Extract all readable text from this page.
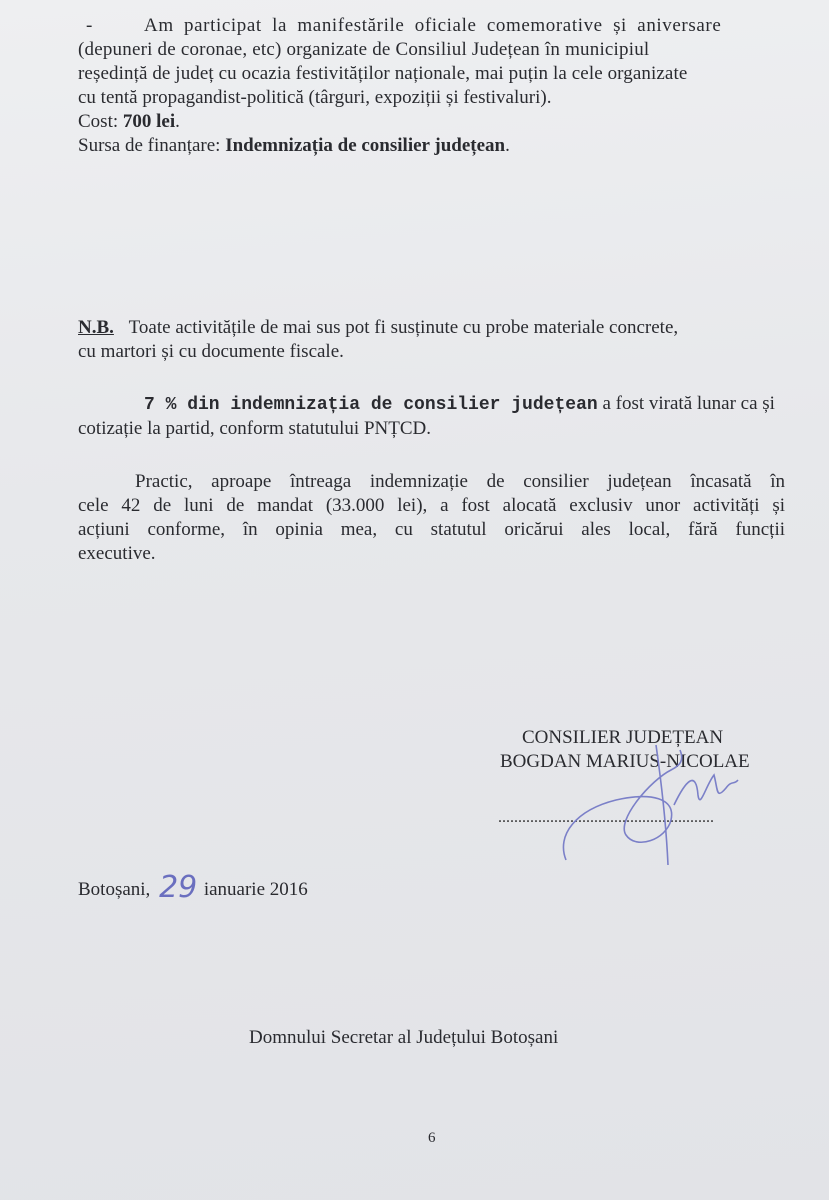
-	Am participat la manifestările oficiale comemorative și aniversare
(depuneri de coronae, etc) organizate de Consiliul Județean în municipiul
reședință de județ cu ocazia festivităților naționale, mai puțin la cele organizate
cu tentă propagandist-politică (târguri, expoziții și festivaluri).
Cost: 700 lei.
Sursa de finanțare: Indemnizația de consilier județean.
N.B. Toate activitățile de mai sus pot fi susținute cu probe materiale concrete,
cu martori și cu documente fiscale.
7 % din indemnizația de consilier județean a fost virată lunar ca și
cotizație la partid, conform statutului PNȚCD.
Practic, aproape întreaga indemnizație de consilier județean încasată în
cele 42 de luni de mandat (33.000 lei), a fost alocată exclusiv unor activități și
acțiuni conforme, în opinia mea, cu statutul oricărui ales local, fără funcții
executive.
CONSILIER JUDEȚEAN
BOGDAN MARIUS-NICOLAE
......................................................
Botoșani, 29 ianuarie 2016
Domnului Secretar al Județului Botoșani
6
